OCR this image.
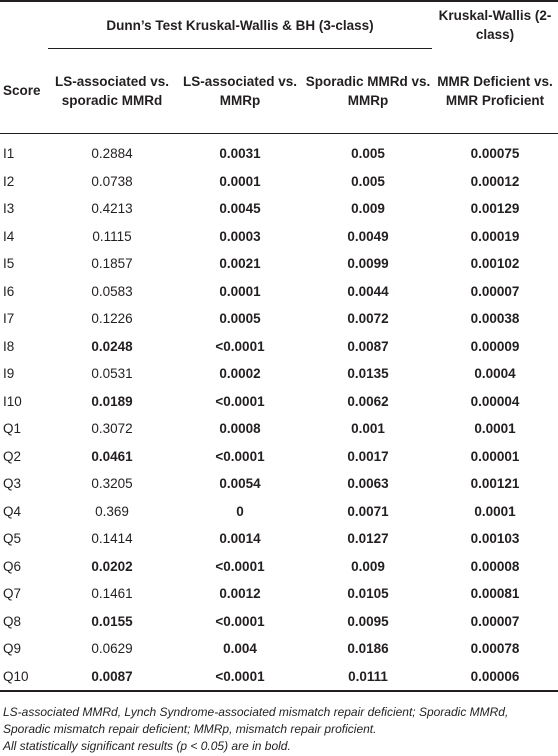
	Dunn’s Test Kruskal-Wallis & BH (3-class)			Kruskal-Wallis (2-class)
Score	LS-associated vs. sporadic MMRd	LS-associated vs. MMRp	Sporadic MMRd vs. MMRp	MMR Deficient vs. MMR Proficient
I1	0.2884	0.0031	0.005	0.00075
I2	0.0738	0.0001	0.005	0.00012
I3	0.4213	0.0045	0.009	0.00129
I4	0.1115	0.0003	0.0049	0.00019
I5	0.1857	0.0021	0.0099	0.00102
I6	0.0583	0.0001	0.0044	0.00007
I7	0.1226	0.0005	0.0072	0.00038
I8	0.0248	<0.0001	0.0087	0.00009
I9	0.0531	0.0002	0.0135	0.0004
I10	0.0189	<0.0001	0.0062	0.00004
Q1	0.3072	0.0008	0.001	0.0001
Q2	0.0461	<0.0001	0.0017	0.00001
Q3	0.3205	0.0054	0.0063	0.00121
Q4	0.369	0	0.0071	0.0001
Q5	0.1414	0.0014	0.0127	0.00103
Q6	0.0202	<0.0001	0.009	0.00008
Q7	0.1461	0.0012	0.0105	0.00081
Q8	0.0155	<0.0001	0.0095	0.00007
Q9	0.0629	0.004	0.0186	0.00078
Q10	0.0087	<0.0001	0.0111	0.00006

LS-associated MMRd, Lynch Syndrome-associated mismatch repair deficient; Sporadic MMRd, Sporadic mismatch repair deficient; MMRp, mismatch repair proficient.

All statistically significant results (p < 0.05) are in bold.
